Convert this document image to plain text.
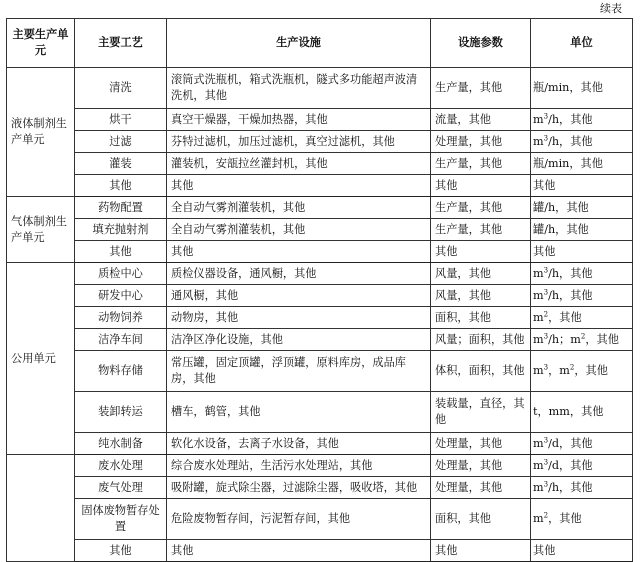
续表
主要生产单元	主要工艺	生产设施	设施参数	单位
液体制剂生产单元	清洗	滚筒式洗瓶机，箱式洗瓶机，隧式多功能超声波清洗机，其他	生产量，其他	瓶/min，其他
	烘干	真空干燥器，干燥加热器，其他	流量，其他	$m^3/h$，其他
	过滤	芬特过滤机，加压过滤机，真空过滤机，其他	处理量，其他	$m^3/h$，其他
	灌装	灌装机，安瓿拉丝灌封机，其他	生产量，其他	瓶/min，其他
	其他	其他	其他	其他
气体制剂生产单元	药物配置	全自动气雾剂灌装机，其他	生产量，其他	罐/h，其他
	填充抛射剂	全自动气雾剂灌装机，其他	生产量，其他	罐/h，其他
	其他	其他	其他	其他
公用单元	质检中心	质检仪器设备，通风橱，其他	风量，其他	$m^3/h$，其他
	研发中心	通风橱，其他	风量，其他	$m^3/h$，其他
	动物饲养	动物房，其他	面积，其他	$m^2$，其他
	洁净车间	洁净区净化设施，其他	风量；面积，其他	$m^3/h$；$m^2$，其他
	物料存储	常压罐，固定顶罐，浮顶罐，原料库房，成品库房，其他	体积，面积，其他	$m^3$，$m^2$，其他
	装卸转运	槽车，鹤管，其他	装载量，直径，其他	t，mm，其他
	纯水制备	软化水设备，去离子水设备，其他	处理量，其他	$m^3/d$，其他
	废水处理	综合废水处理站，生活污水处理站，其他	处理量，其他	$m^3/d$，其他
	废气处理	吸附罐，旋式除尘器，过滤除尘器，吸收塔，其他	处理量，其他	$m^3/h$，其他
	固体废物暂存处置	危险废物暂存间，污泥暂存间，其他	面积，其他	$m^2$，其他
	其他	其他	其他	其他
